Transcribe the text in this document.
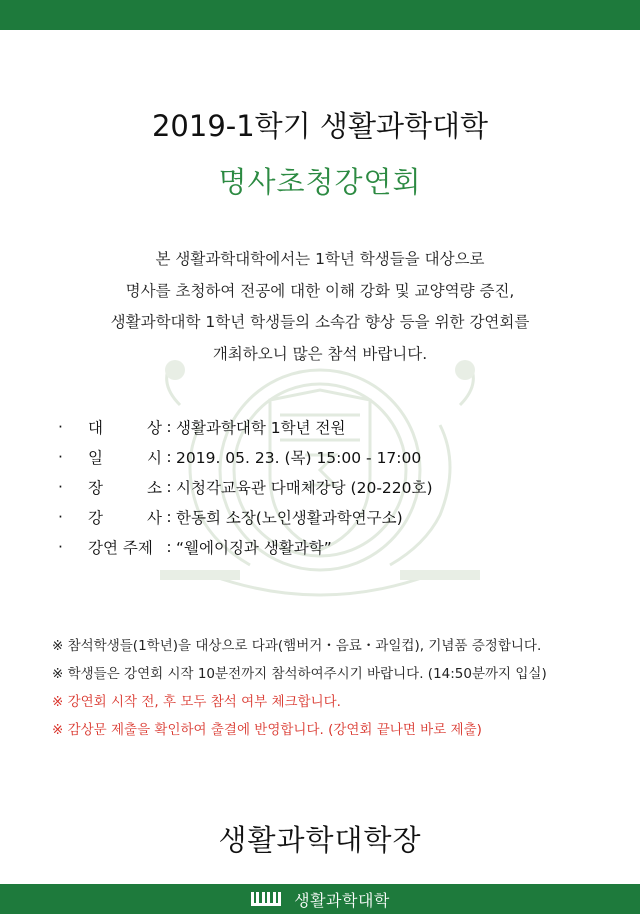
2019-1학기 생활과학대학
명사초청강연회
본 생활과학대학에서는 1학년 학생들을 대상으로
명사를 초청하여 전공에 대한 이해 강화 및 교양역량 증진,
생활과학대학 1학년 학생들의 소속감 향상 등을 위한 강연회를
개최하오니 많은 참석 바랍니다.
·	대	상 : 생활과학대학 1학년 전원
·	일	시 : 2019. 05. 23. (목) 15:00 - 17:00
·	장	소 : 시청각교육관 다매체강당 (20-220호)
·	강	사 : 한동희 소장(노인생활과학연구소)
·	강연 주제 : “웰에이징과 생활과학”
※ 참석학생들(1학년)을 대상으로 다과(햄버거・음료・과일컵), 기념품 증정합니다.
※ 학생들은 강연회 시작 10분전까지 참석하여주시기 바랍니다. (14:50분까지 입실)
※ 강연회 시작 전, 후 모두 참석 여부 체크합니다.
※ 감상문 제출을 확인하여 출결에 반영합니다. (강연회 끝나면 바로 제출)
생활과학대학장
생활과학대학
